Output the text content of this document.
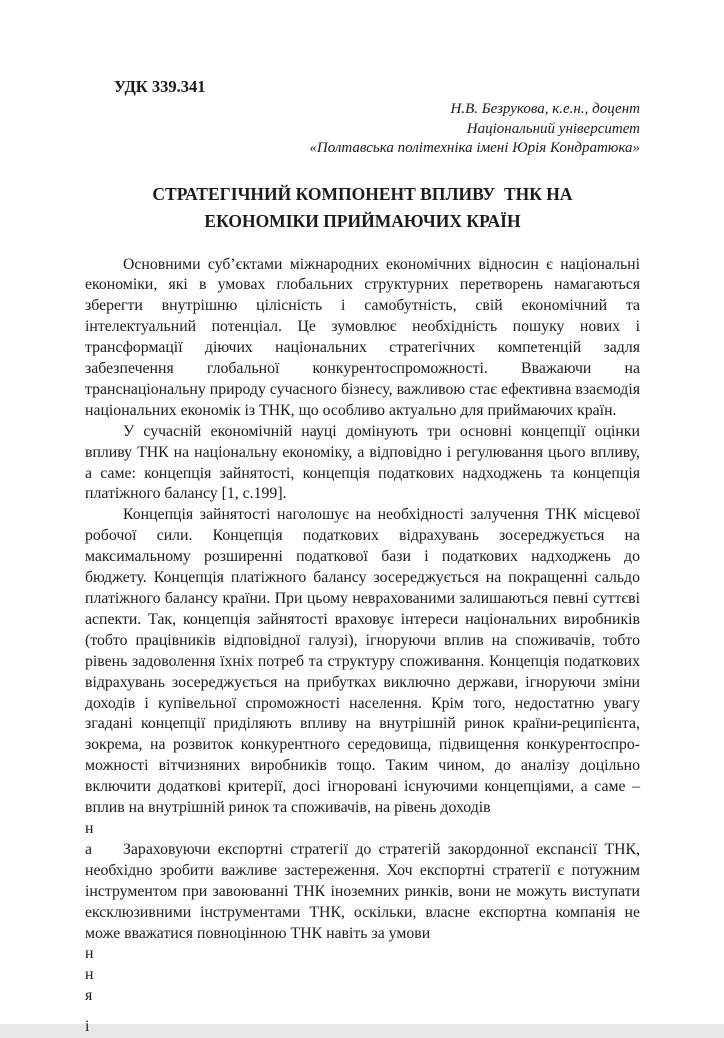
УДК 339.341
Н.В. Безрукова, к.е.н., доцент
Національний університет
«Полтавська політехніка імені Юрія Кондратюка»
СТРАТЕГІЧНИЙ КОМПОНЕНТ ВПЛИВУ  ТНК НА
ЕКОНОМІКИ ПРИЙМАЮЧИХ КРАЇН

Основними суб’єктами міжнародних економічних відносин є національні економіки, які в умовах глобальних структурних перетворень намагаються зберегти внутрішню цілісність і самобутність, свій економічний та інтелектуальний потенціал. Це зумовлює необхідність пошуку нових і трансформації діючих національних стратегічних компетенцій задля забезпечення глобальної конкурентоспроможності. Вважаючи на транснаціональну природу сучасного бізнесу, важливою стає ефективна взаємодія національних економік із ТНК, що особливо актуально для приймаючих країн.

У сучасній економічній науці домінують три основні концепції оцінки впливу ТНК на національну економіку, а відповідно і регулювання цього впливу, а саме: концепція зайнятості, концепція податкових надходжень та концепція платіжного балансу [1, с.199].

Концепція зайнятості наголошує на необхідності залучення ТНК місцевої робочої сили. Концепція податкових відрахувань зосереджується на максимальному розширенні податкової бази і податкових надходжень до бюджету. Концепція платіжного балансу зосереджується на покращенні сальдо платіжного балансу країни. При цьому неврахованими залишаються певні суттєві аспекти. Так, концепція зайнятості враховує інтереси національних виробників (тобто працівників відповідної галузі), ігноруючи вплив на споживачів, тобто рівень задоволення їхніх потреб та структуру споживання. Концепція податкових відрахувань зосереджується на прибутках виключно держави, ігноруючи зміни доходів і купівельної спроможності населення. Крім того, недостатню увагу згадані концепції приділяють впливу на внутрішній ринок країни-реципієнта, зокрема, на розвиток конкурентного середовища, підвищення конкурентоспро-можності вітчизняних виробників тощо. Таким чином, до аналізу доцільно включити додаткові критерії, досі ігноровані існуючими концепціями, а саме – вплив на внутрішній ринок та споживачів, на рівень доходів

н
а	Зараховуючи експортні стратегії до стратегій закордонної експансії ТНК, необхідно зробити важливе застереження. Хоч експортні стратегії є потужним інструментом при завоюванні ТНК іноземних ринків, вони не можуть виступати ексклюзивними інструментами ТНК, оскільки, власне експортна компанія не може вважатися повноцінною ТНК навіть за умови

н
н
я
і
